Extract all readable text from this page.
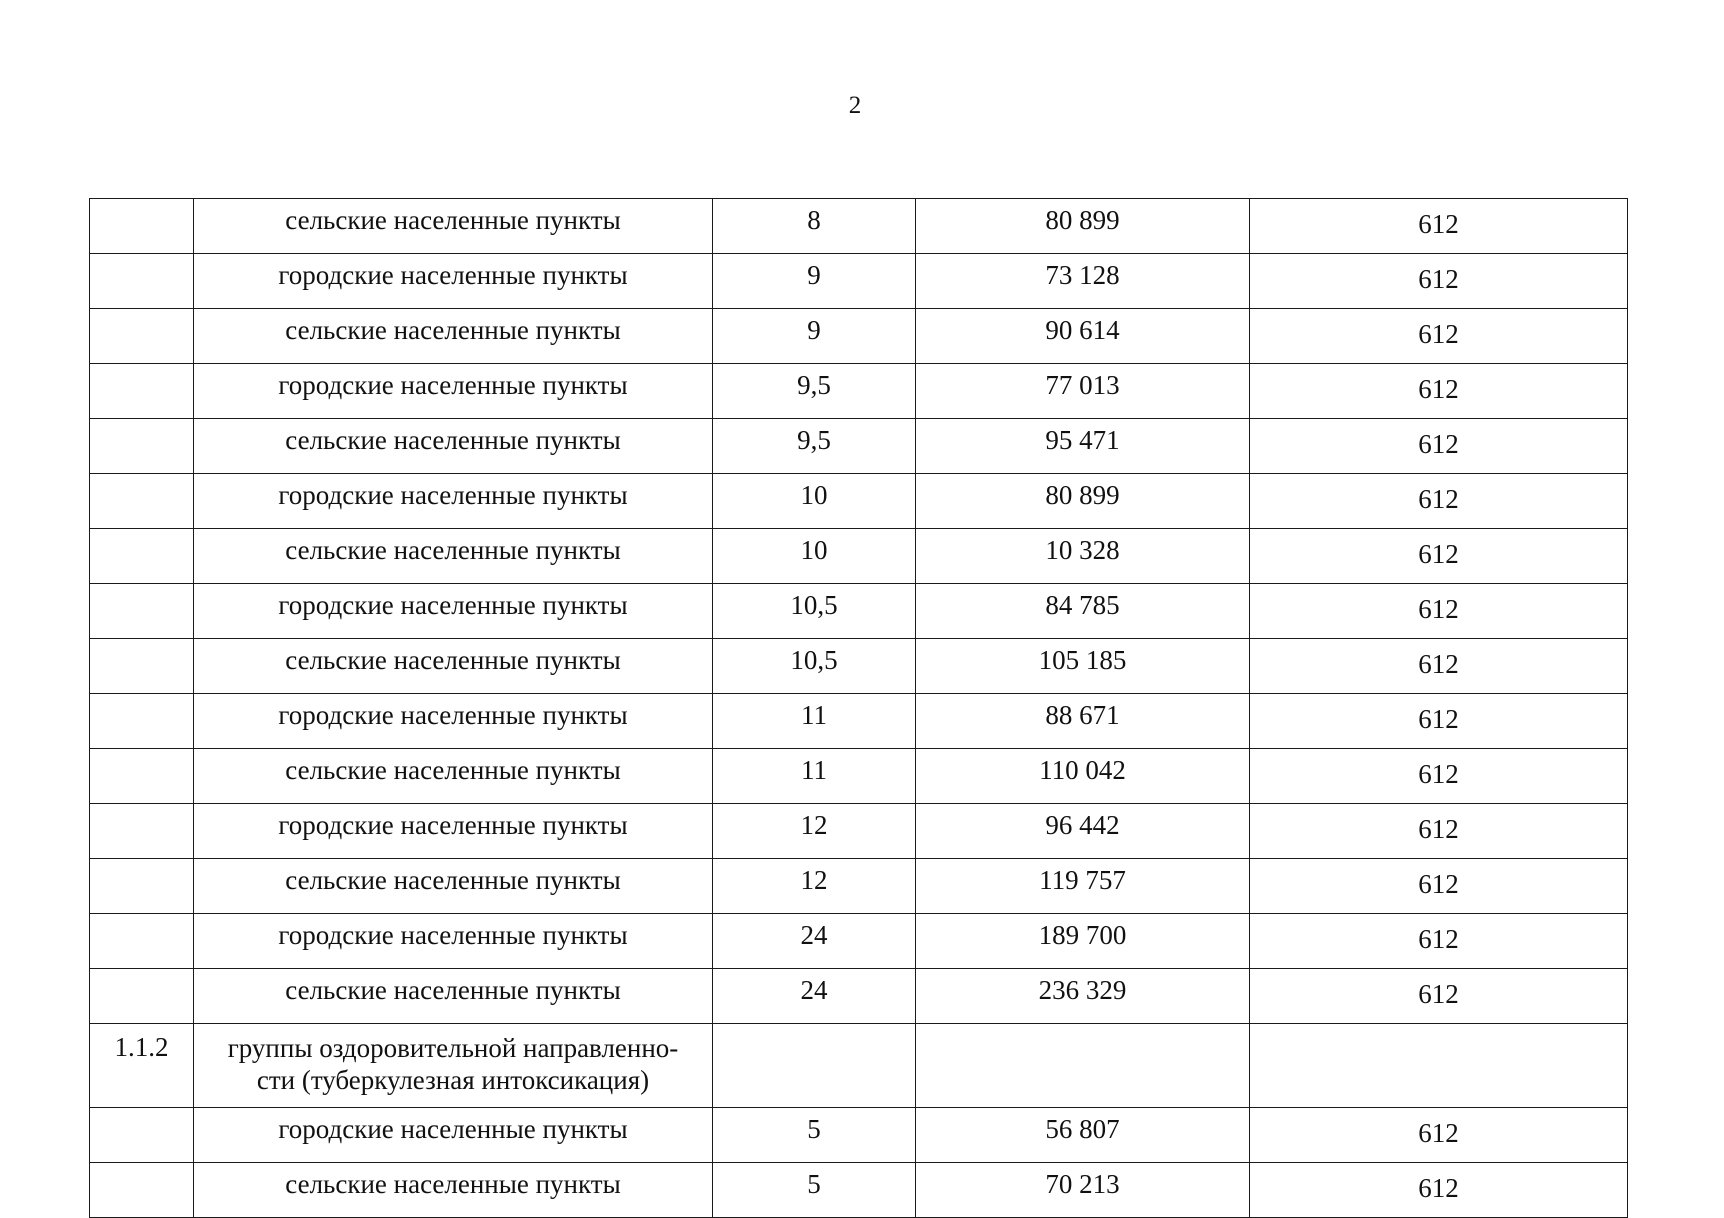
2
	сельские населенные пункты	8	80 899	612
	городские населенные пункты	9	73 128	612
	сельские населенные пункты	9	90 614	612
	городские населенные пункты	9,5	77 013	612
	сельские населенные пункты	9,5	95 471	612
	городские населенные пункты	10	80 899	612
	сельские населенные пункты	10	10 328	612
	городские населенные пункты	10,5	84 785	612
	сельские населенные пункты	10,5	105 185	612
	городские населенные пункты	11	88 671	612
	сельские населенные пункты	11	110 042	612
	городские населенные пункты	12	96 442	612
	сельские населенные пункты	12	119 757	612
	городские населенные пункты	24	189 700	612
	сельские населенные пункты	24	236 329	612
1.1.2	группы оздоровительной направленно-
сти (туберкулезная интоксикация)			
	городские населенные пункты	5	56 807	612
	сельские населенные пункты	5	70 213	612
